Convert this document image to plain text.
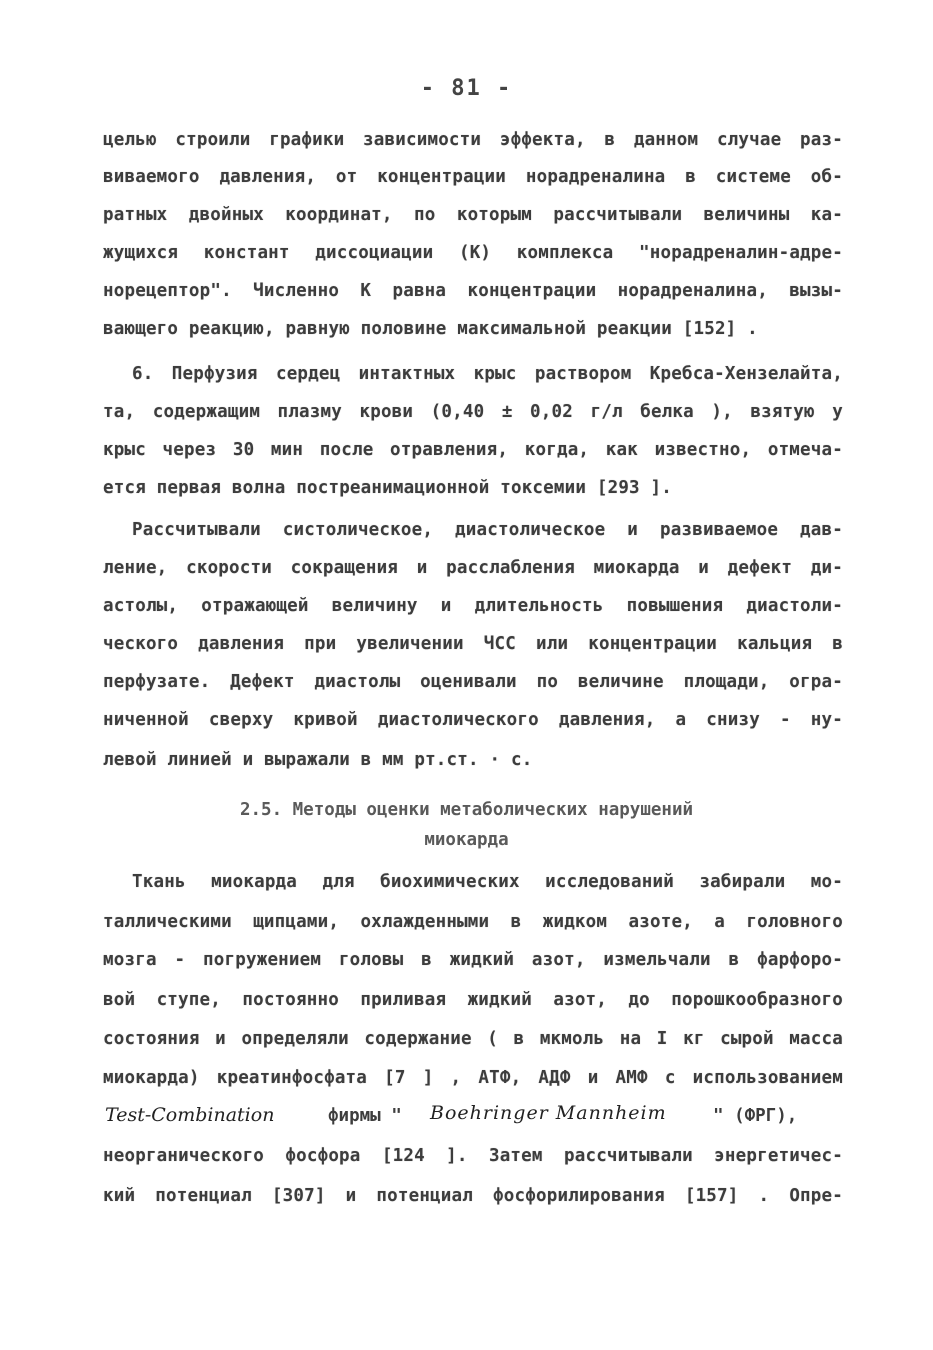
- 81 -
целью строили графики зависимости эффекта, в данном случае раз-
виваемого давления, от концентрации норадреналина в системе об-
ратных двойных координат, по которым рассчитывали величины ка-
жущихся констант диссоциации (К) комплекса "норадреналин-адре-
норецептор". Численно К равна концентрации норадреналина, вызы-
вающего реакцию, равную половине максимальной реакции [152] .
6. Перфузия сердец интактных крыс раствором Кребса-Хензелайта,
та, содержащим плазму крови (0,40 ± 0,02 г/л белка ), взятую у
крыс через 30 мин после отравления, когда, как известно, отмеча-
ется первая волна постреанимационной токсемии [293 ].
Рассчитывали систолическое, диастолическое и развиваемое дав-
ление, скорости сокращения и расслабления миокарда и дефект ди-
астолы, отражающей величину и длительность повышения диастоли-
ческого давления при увеличении ЧСС или концентрации кальция в
перфузате. Дефект диастолы оценивали по величине площади, огра-
ниченной сверху кривой диастолического давления, а снизу - ну-
левой линией и выражали в мм рт.ст. · с.
2.5. Методы оценки метаболических нарушений
миокарда
Ткань миокарда для биохимических исследований забирали мо-
таллическими щипцами, охлажденными в жидком азоте, а головного
мозга - погружением головы в жидкий азот, измельчали в фарфоро-
вой ступе, постоянно приливая жидкий азот, до порошкообразного
состояния и определяли содержание ( в мкмоль на I кг сырой масса
миокарда) креатинфосфата [7 ] , АТФ, АДФ и АМФ с использованием
Test-Combination	фирмы " Boehringer Mannheim	" (ФРГ),
неорганического фосфора [124 ]. Затем рассчитывали энергетичес-
кий потенциал [307] и потенциал фосфорилирования [157] . Опре-
